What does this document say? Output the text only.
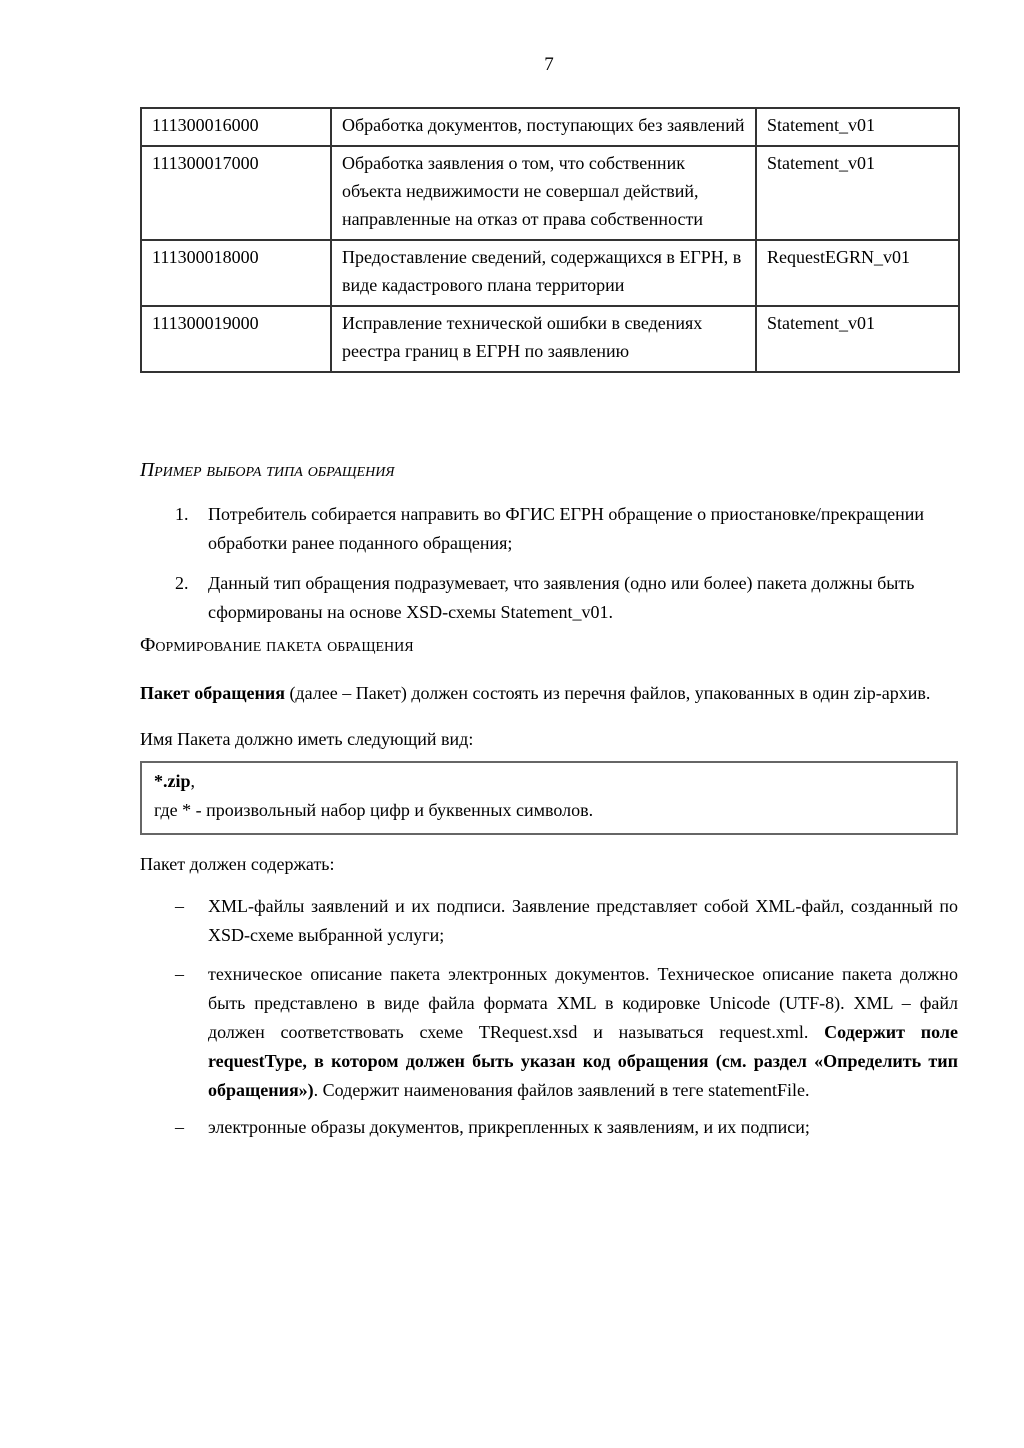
7
111300016000	Обработка документов, поступающих без заявлений	Statement_v01
111300017000	Обработка заявления о том, что собственник объекта недвижимости не совершал действий, направленные на отказ от права собственности	Statement_v01
111300018000	Предоставление сведений, содержащихся в ЕГРН, в виде кадастрового плана территории	RequestEGRN_v01
111300019000	Исправление технической ошибки в сведениях реестра границ в ЕГРН по заявлению	Statement_v01
Пример выбора типа обращения
1.	Потребитель собирается направить во ФГИС ЕГРН обращение о приостановке/прекращении обработки ранее поданного обращения;
2.	Данный тип обращения подразумевает, что заявления (одно или более) пакета должны быть сформированы на основе XSD-схемы Statement_v01.
Формирование пакета обращения

Пакет обращения (далее – Пакет) должен состоять из перечня файлов, упакованных в один zip-архив.

Имя Пакета должно иметь следующий вид:

*.zip,
где * - произвольный набор цифр и буквенных символов.

Пакет должен содержать:

–	XML-файлы заявлений и их подписи. Заявление представляет собой XML-файл, созданный по XSD-схеме выбранной услуги;
–	техническое описание пакета электронных документов. Техническое описание пакета должно быть представлено в виде файла формата XML в кодировке Unicode (UTF-8). XML – файл должен соответствовать схеме TRequest.xsd и называться request.xml. Содержит поле requestType, в котором должен быть указан код обращения (см. раздел «Определить тип обращения»). Содержит наименования файлов заявлений в теге statementFile.
–	электронные образы документов, прикрепленных к заявлениям, и их подписи;
